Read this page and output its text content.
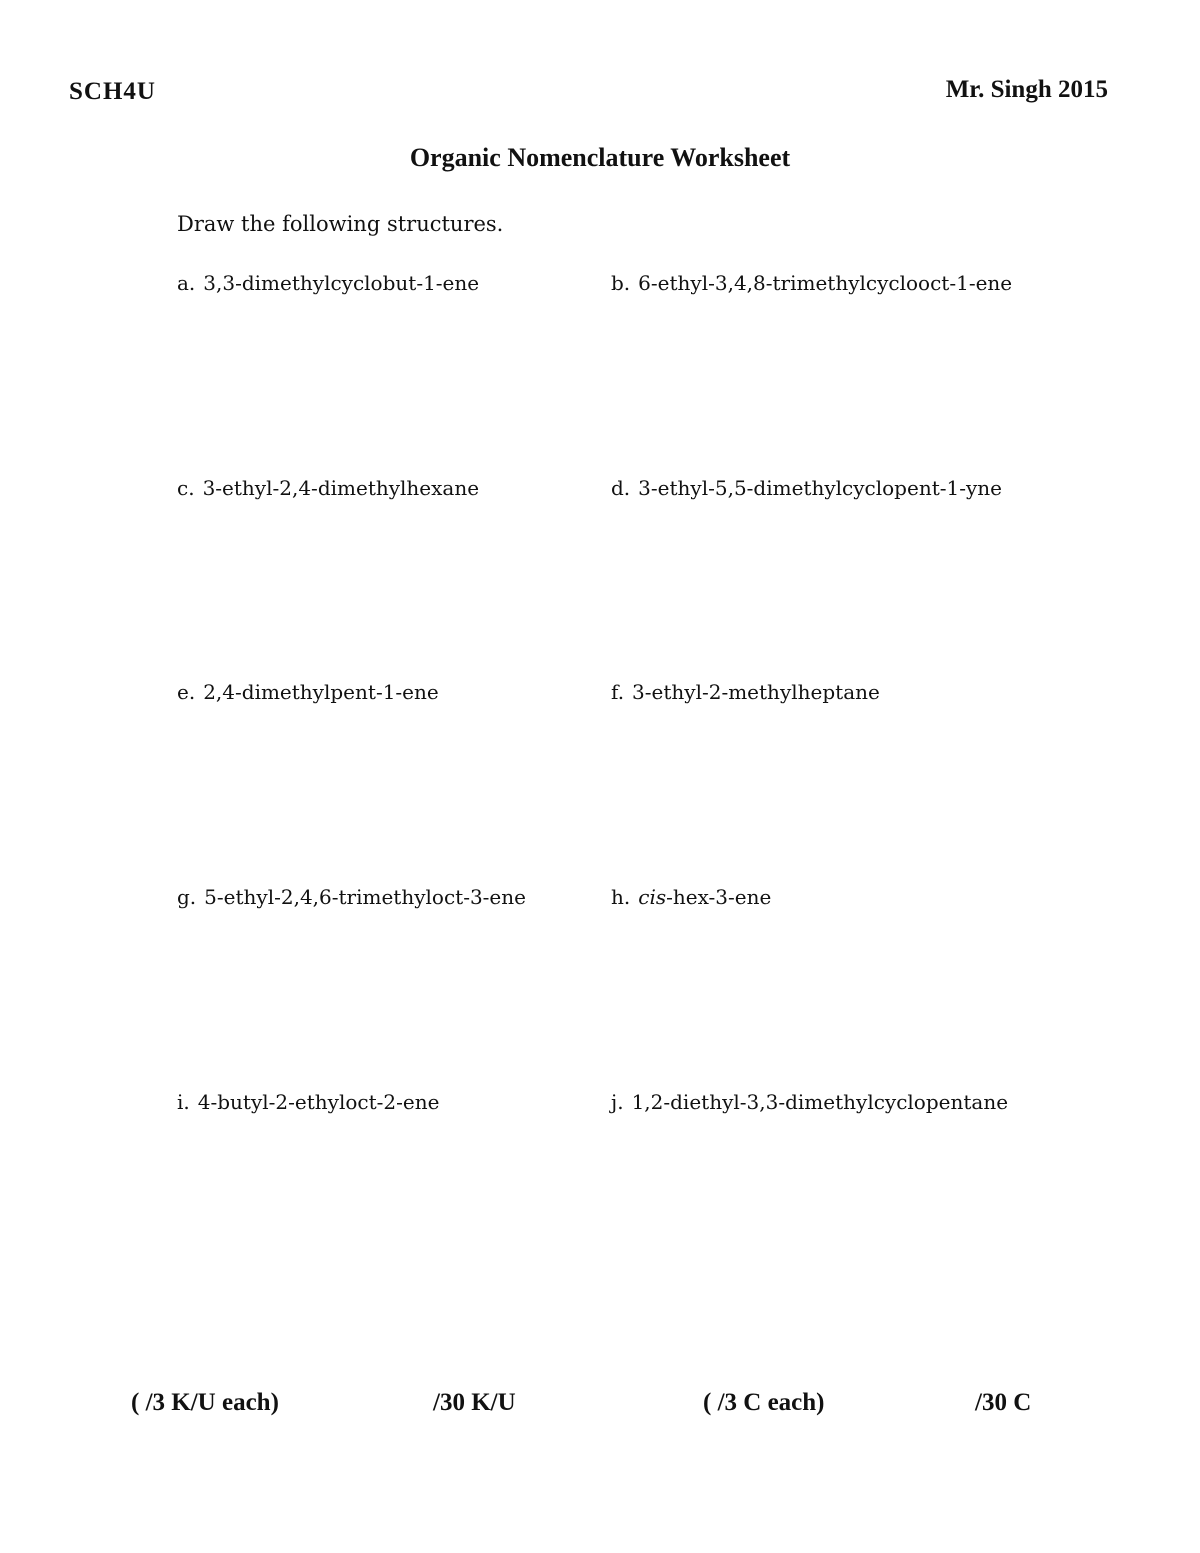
SCH4U	Mr. Singh 2015
Organic Nomenclature Worksheet
Draw the following structures.
a. 3,3-dimethylcyclobut-1-ene	b. 6-ethyl-3,4,8-trimethylcyclooct-1-ene
c. 3-ethyl-2,4-dimethylhexane	d. 3-ethyl-5,5-dimethylcyclopent-1-yne
e. 2,4-dimethylpent-1-ene	f. 3-ethyl-2-methylheptane
g. 5-ethyl-2,4,6-trimethyloct-3-ene	h. cis-hex-3-ene
i. 4-butyl-2-ethyloct-2-ene	j. 1,2-diethyl-3,3-dimethylcyclopentane
( /3 K/U each)	/30 K/U	( /3 C each)	/30 C
